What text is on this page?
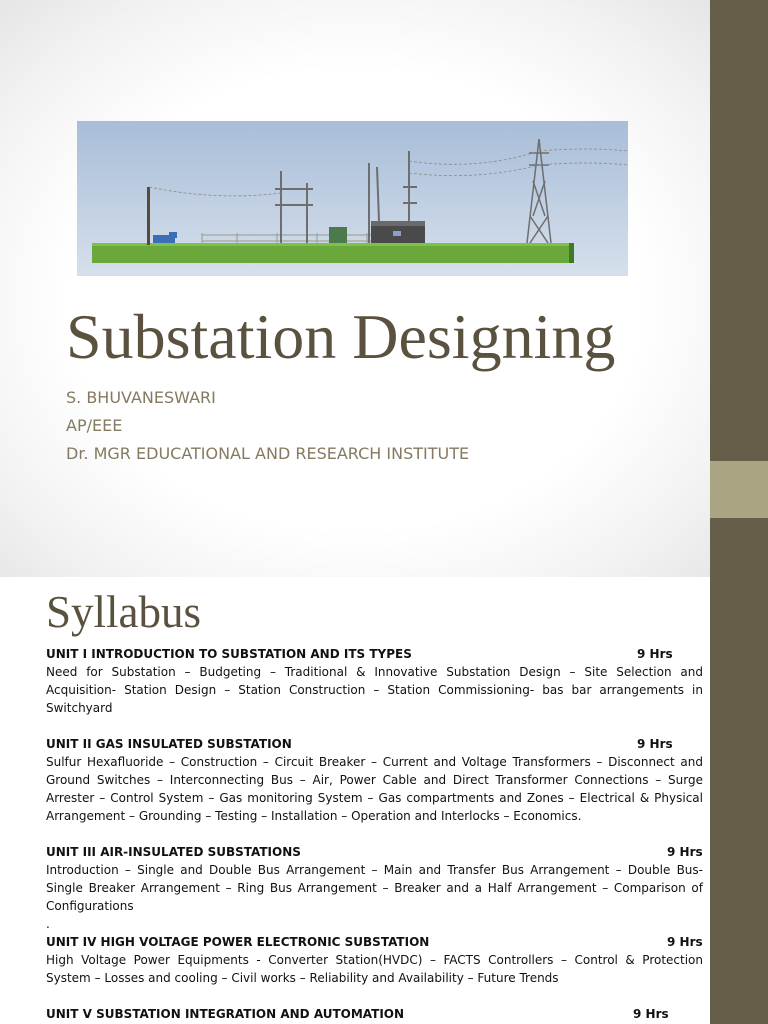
Substation Designing
S. BHUVANESWARI
AP/EEE
Dr. MGR EDUCATIONAL AND RESEARCH INSTITUTE
Syllabus
UNIT I INTRODUCTION TO SUBSTATION AND ITS TYPES	9 Hrs
Need for Substation – Budgeting – Traditional & Innovative Substation Design – Site Selection and Acquisition- Station Design – Station Construction – Station Commissioning- bas bar arrangements in Switchyard
UNIT II GAS INSULATED SUBSTATION	9 Hrs
Sulfur Hexafluoride – Construction – Circuit Breaker – Current and Voltage Transformers – Disconnect and Ground Switches – Interconnecting Bus – Air, Power Cable and Direct Transformer Connections – Surge Arrester – Control System – Gas monitoring System – Gas compartments and Zones – Electrical & Physical Arrangement – Grounding – Testing – Installation – Operation and Interlocks – Economics.
UNIT III AIR-INSULATED SUBSTATIONS	9 Hrs
Introduction – Single and Double Bus Arrangement – Main and Transfer Bus Arrangement – Double Bus-Single Breaker Arrangement – Ring Bus Arrangement – Breaker and a Half Arrangement – Comparison of Configurations
.
UNIT IV HIGH VOLTAGE POWER ELECTRONIC SUBSTATION	9 Hrs
High Voltage Power Equipments - Converter Station(HVDC) – FACTS Controllers – Control & Protection System – Losses and cooling – Civil works – Reliability and Availability – Future Trends
UNIT V SUBSTATION INTEGRATION AND AUTOMATION	9 Hrs
